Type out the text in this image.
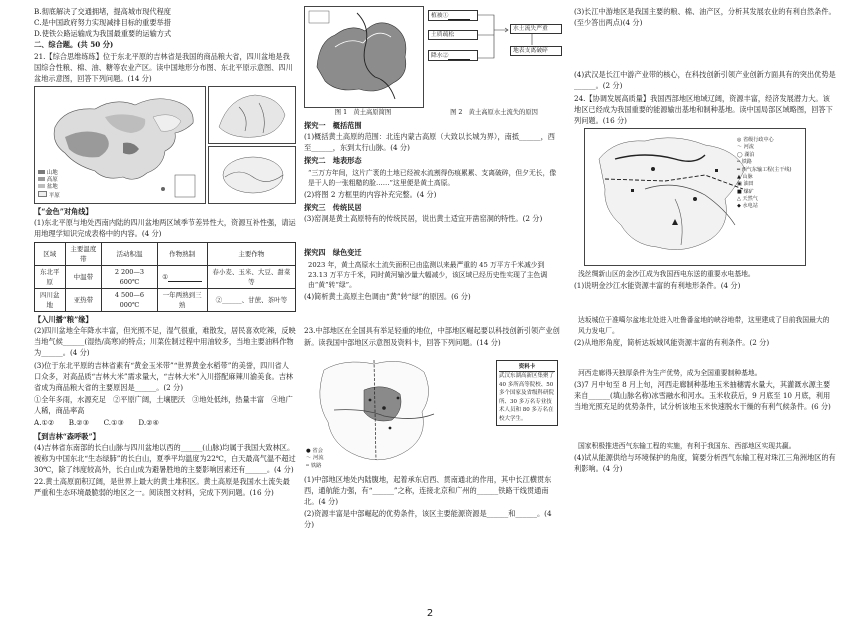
B.彻底解决了交通拥堵，提高城市现代程度

C.是中国政府努力实现减排目标的重要举措

D.使铁公路运输成为我国最重要的运输方式

二、综合题。(共 50 分)

21.【综合思维练练】位于东北平原的吉林省是我国的商品粮大省，四川盆地是我国综合性粮、棉、油、糖等农业产区。读中国地形分布图、东北平原示意图、四川盆地示意图，回答下列问题。(14 分)

山地
高原
盆地
平原

【“金色”对角线】

(1)东北平原与地处西南内陆的四川盆地两区域季节差异性大，资源互补性强，请运用地理学知识完成表格中的内容。(4 分)

区域	主要温度带	活动积温	作物熟制	主要作物
东北平原	中温带	2 200—3 600℃	①	春小麦、玉米、大豆、甜菜等
四川盆地	亚热带	4 500—6 000℃	一年两熟到三熟	②______、甘蔗、茶叶等

【入川播“粮”缘】

(2)四川盆地全年降水丰富，但光照不足，湿气很重，难散发，居民喜欢吃辣，反映当地气候______(湿热/高寒)的特点；川菜佐制过程中用油较多，当地主要油料作物为______。(4 分)

(3)位于东北平原的吉林省素有“黄金玉米带”“世界黄金水稻带”的美誉，四川省人口众多，对高品质“吉林大米”需求量大，“吉林大米”入川搭配麻辣川渝美食。吉林省成为商品粮大省的主要原因是______。(2 分)

①全年多雨，水源充足　②平原广阔，土壤肥沃　③地处低纬，热量丰富　④地广人稀，商品率高

A.①②　　B.②③　　C.①③　　D.②④

【到吉林“森呼吸”】

(4)吉林省东南部的长白山脉与四川盆地以西的______(山脉)均属于我国大致林区。被称为中国东北“生态绿肺”的长白山，夏季平均温度为22℃，白天最高气温不超过30℃，除了纬度较高外，长白山成为避暑胜地的主要影响因素还有______。(4 分)

22.黄土高原面积辽阔，是世界上最大的黄土堆积区。黄土高原是我国水土流失最严重和生态环境最脆弱的地区之一。阅读图文材料，完成下列问题。(16 分)

图 1　黄土高原简图

植被①
土质疏松
降水②
水土流失严重
地表支离破碎

图 2　黄土高原水土流失的原因

探究一　概括范围

(1)概括黄土高原的范围：北连内蒙古高原（大致以长城为界），南抵______，西至______，东到太行山脉。(4 分)

探究二　地表形态

“三万方年间，这片广袤的土地已经被水流割得伤痕累累、支离破碎，但夕无长，像是干人的一张粗糙的脸……”这里便是黄土高原。

(2)将图 2 方框里的内容补充完整。(4 分)

探究三　传统民居

(3)窑洞是黄土高原特有的传统民居，说出黄土适宜开凿窑洞的特性。(2 分)

探究四　绿色变迁

2023 年，黄土高原水土流失面积已由监测以来最严重的 45 万平方千米减少到 23.13 万平方千米，同时黄河输沙量大幅减少，该区域已经历史性实现了主色调由“黄”转“绿”。

(4)简析黄土高原主色调由“黄”转“绿”的原因。(6 分)

23.中部地区在全国具有举足轻重的地位，中部地区崛起要以科技创新引领产业创新。读我国中部地区示意图及资料卡，回答下列问题。(14 分)

● 省会
～ 河流
┅ 铁路
资料卡
武汉东湖高新区集聚了 40 多所高等院校、50 多个国家及省级科研院所、30 多万名专业技术人员和 80 多万名在校大学生。

(1)中部地区地处内陆腹地，起着承东启西、贯南通北的作用，其中长江横贯东西，通航能力强，有“______”之称，连接北京和广州的______铁路干线贯通南北。(4 分)

(2)资源丰富是中部崛起的优势条件，该区主要能源资源是______和______。(4 分)

(3)长江中游地区是我国主要的粮、棉、油产区，分析其发展农业的有利自然条件。(至少答出两点)(4 分)

(4)武汉是长江中游产业带的核心，在科技创新引领产业创新方面具有的突出优势是______。(2 分)

24.【协调发展高质量】我国西部地区地域辽阔，资源丰富，经济发展潜力大。该地区已经成为我国重要的能源输出基地和制种基地。读中国局部区域略图，回答下列问题。(16 分)

◎ 省级行政中心
～ 河流
◯ 湖泊
┅ 铁路
━ 西气东输工程(主干线)
▲ 山脉
▣ 油田
■ 煤矿
△ 天然气
◆ 水电站

浅丝绸新山区的金沙江成为我国西电东送的重要水电基地。

(1)说明金沙江水能资源丰富的有利地形条件。(4 分)

达坂城位于准噶尔盆地北处进入吐鲁番盆地的峡谷地带，这里建成了目前我国最大的风力发电厂。

(2)从地形角度，简析达坂城风能资源丰富的有利条件。(2 分)

河西走廊得天独厚条件为生产优势，成为全国重要制种基地。

(3)7 月中旬至 8 月上旬，河西走廊制种基地玉米抽穗需水量大，其灌溉水源主要来自______(填山脉名称)冰雪融水和河水。玉米收获后，9 月底至 10 月底，利用当地光照充足的优势条件，试分析该地玉米快速脱水干燥的有利气候条件。(6 分)

国家积极推进西气东输工程的实施，有利于我国东、西部地区实现共赢。

(4)试从能源供给与环境保护的角度，简要分析西气东输工程对珠江三角洲地区的有利影响。(4 分)

2
